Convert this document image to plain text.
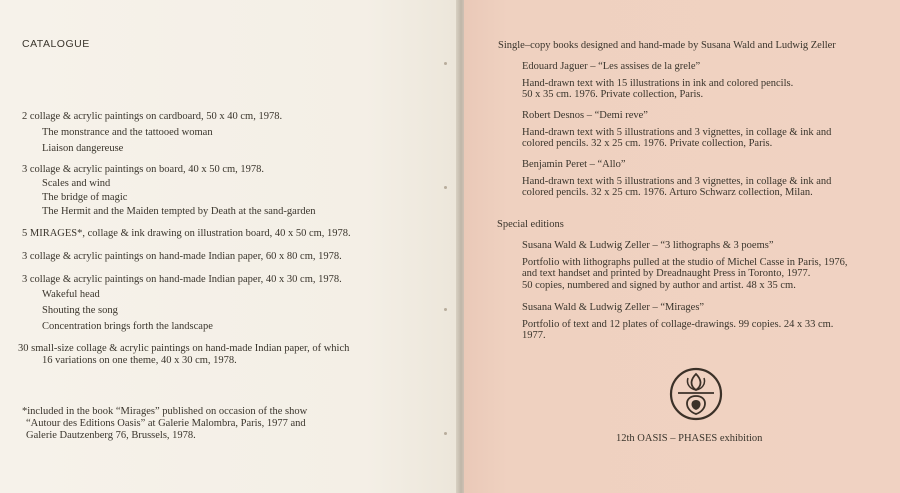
CATALOGUE
2 collage & acrylic paintings on cardboard, 50 x 40 cm, 1978.
The monstrance and the tattooed woman
Liaison dangereuse
3 collage & acrylic paintings on board, 40 x 50 cm, 1978.
Scales and wind
The bridge of magic
The Hermit and the Maiden tempted by Death at the sand-garden
5 MIRAGES*, collage & ink drawing on illustration board, 40 x 50 cm, 1978.
3 collage & acrylic paintings on hand-made Indian paper, 60 x 80 cm, 1978.
3 collage & acrylic paintings on hand-made Indian paper, 40 x 30 cm, 1978.
Wakeful head
Shouting the song
Concentration brings forth the landscape
30 small-size collage & acrylic paintings on hand-made Indian paper, of which
16 variations on one theme, 40 x 30 cm, 1978.
*included in the book “Mirages” published on occasion of the show
“Autour des Editions Oasis” at Galerie Malombra, Paris, 1977 and
Galerie Dautzenberg 76, Brussels, 1978.
Single–copy books designed and hand-made by Susana Wald and Ludwig Zeller
Edouard Jaguer – “Les assises de la grele”
Hand-drawn text with 15 illustrations in ink and colored pencils.
50 x 35 cm. 1976. Private collection, Paris.
Robert Desnos – “Demi reve”
Hand-drawn text with 5 illustrations and 3 vignettes, in collage & ink and
colored pencils. 32 x 25 cm. 1976. Private collection, Paris.
Benjamin Peret – “Allo”
Hand-drawn text with 5 illustrations and 3 vignettes, in collage & ink and
colored pencils. 32 x 25 cm. 1976. Arturo Schwarz collection, Milan.
Special editions
Susana Wald & Ludwig Zeller – “3 lithographs & 3 poems”
Portfolio with lithographs pulled at the studio of Michel Casse in Paris, 1976,
and text handset and printed by Dreadnaught Press in Toronto, 1977.
50 copies, numbered and signed by author and artist. 48 x 35 cm.
Susana Wald & Ludwig Zeller – “Mirages”
Portfolio of text and 12 plates of collage-drawings. 99 copies. 24 x 33 cm.
1977.
12th OASIS – PHASES exhibition
